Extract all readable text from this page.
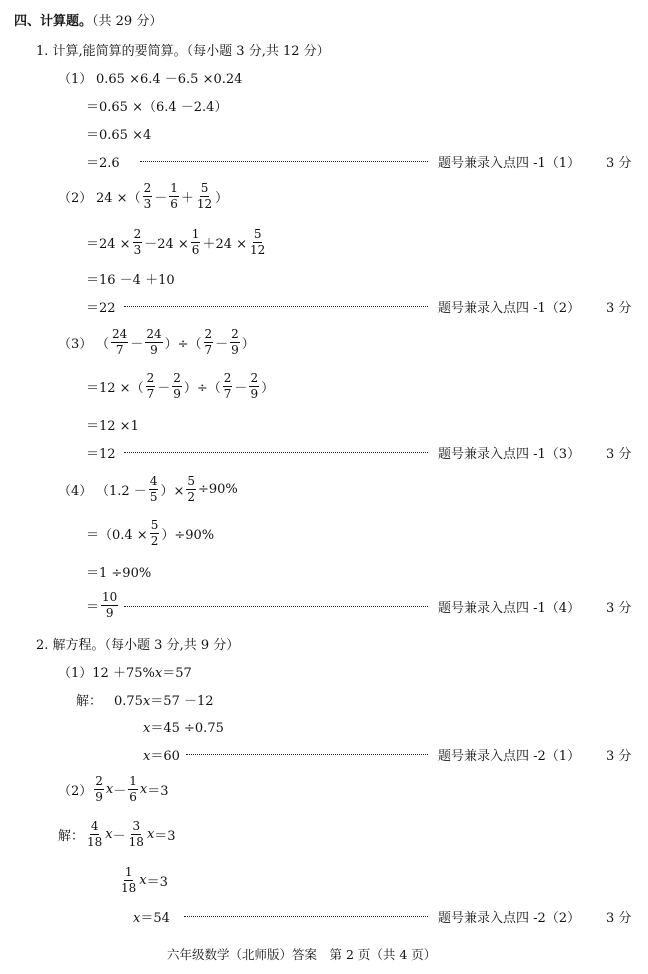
四、计算题。（共 29 分）
1. 计算,能简算的要简算。（每小题 3 分,共 12 分）
（1） 0.65 ×6.4 －6.5 ×0.24
＝0.65 ×（6.4 －2.4）
＝0.65 ×4
＝2.6	题号兼录入点四 -1（1） 3 分
（2） 24 ×（ $\frac{2}{3} - \frac{1}{6} + \frac{5}{12}$ ）
$=24 \times \frac{2}{3} -24 \times \frac{1}{6} +24 \times \frac{5}{12}$
＝16 －4 ＋10
＝22	题号兼录入点四 -1（2） 3 分
（3） （ $\frac{24}{7} - \frac{24}{9}$ ）÷（ $\frac{2}{7} - \frac{2}{9}$ ）
＝12 ×（ $\frac{2}{7} - \frac{2}{9}$ ）÷（ $\frac{2}{7} - \frac{2}{9}$ ）
＝12 ×1
＝12	题号兼录入点四 -1（3） 3 分
（4） （$1.2 - \frac{4}{5}$ ）× $\frac{5}{2} \div 90\%$
$=(0.4 \times \frac{5}{2} )\div 90\%$
＝1 ÷90%
＝ $\frac{10}{9}$	题号兼录入点四 -1（4） 3 分
2. 解方程。（每小题 3 分,共 9 分）
（1）12 ＋75%x＝57
解： 0.75x＝57 －12
x＝45 ÷0.75
x＝60	题号兼录入点四 -2（1） 3 分
$(2) \frac{2}{9}$ $x - \frac{1}{6}$ x ＝3
解： $\frac{4}{18}$ $x - \frac{3}{18}$ x ＝3
$\frac{1}{18}$ x ＝3
x＝54	题号兼录入点四 -2（2） 3 分
六年级数学（北师版）答案　第 2 页（共 4 页）
